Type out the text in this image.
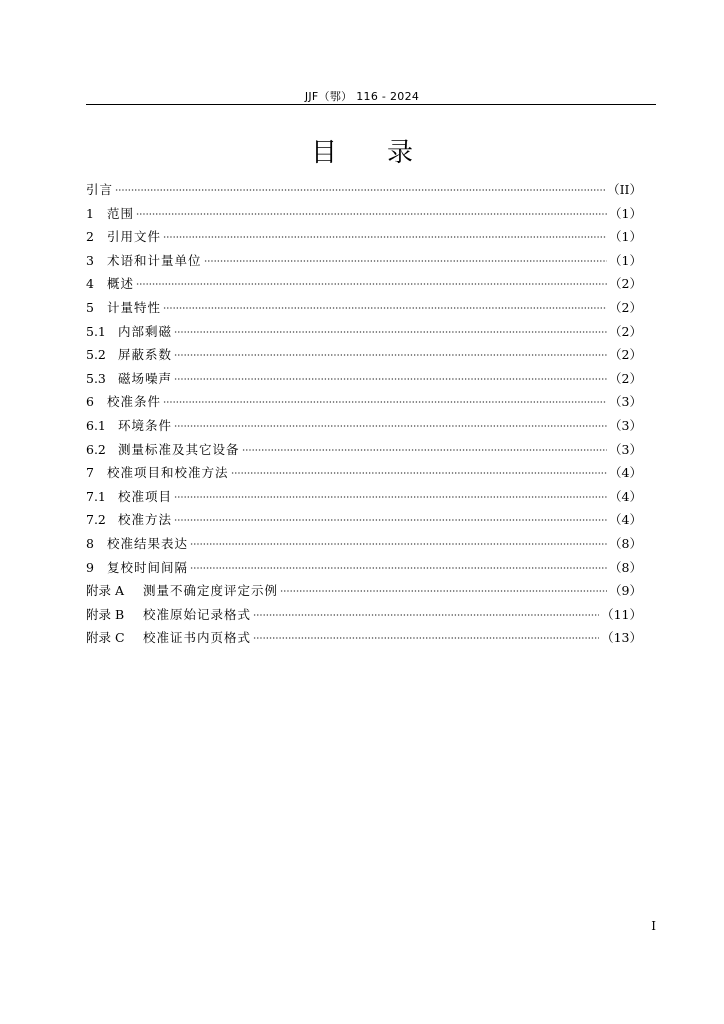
JJF（鄂） 116 - 2024
目录
引言	（II）
1	范围	（1）
2	引用文件	（1）
3	术语和计量单位	（1）
4	概述	（2）
5	计量特性	（2）
5.1 内部剩磁	（2）
5.2 屏蔽系数	（2）
5.3 磁场噪声	（2）
6	校准条件	（3）
6.1 环境条件	（3）
6.2 测量标准及其它设备	（3）
7	校准项目和校准方法	（4）
7.1 校准项目	（4）
7.2 校准方法	（4）
8	校准结果表达	（8）
9	复校时间间隔	（8）
附录 A	测量不确定度评定示例	（9）
附录 B	校准原始记录格式	（11）
附录 C	校准证书内页格式	（13）
I
